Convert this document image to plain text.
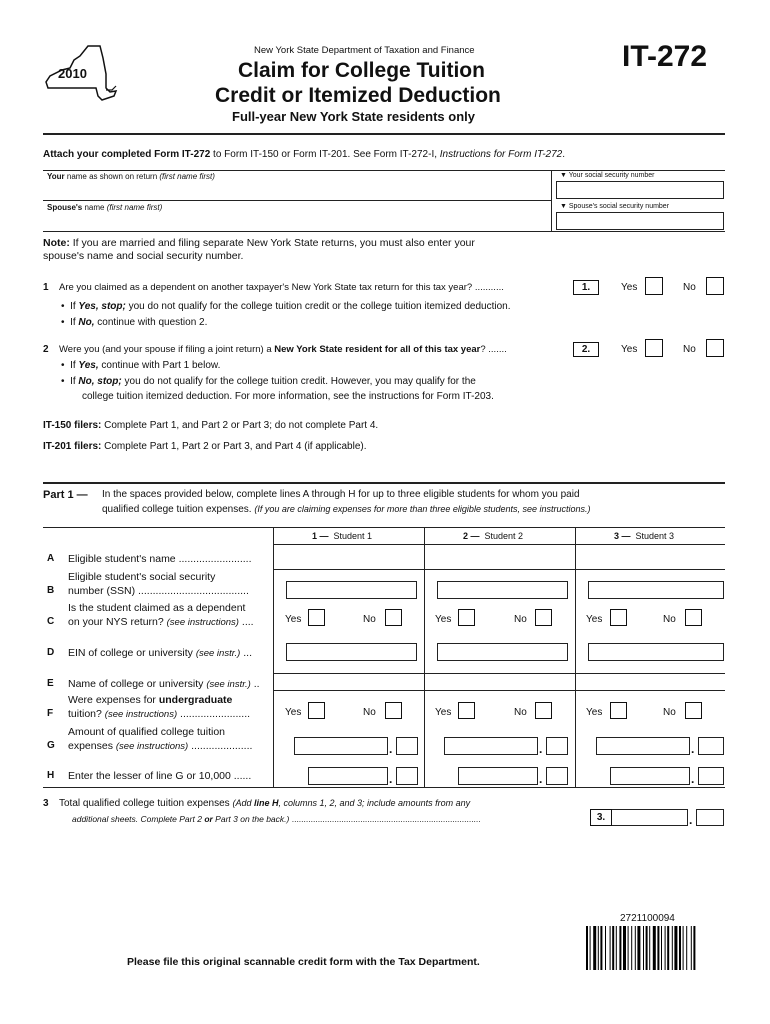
2010
New York State Department of Taxation and Finance
Claim for College Tuition
Credit or Itemized Deduction
Full-year New York State residents only
IT-272
Attach your completed Form IT-272 to Form IT-150 or Form IT-201. See Form IT-272-I, Instructions for Form IT-272.
Your name as shown on return (first name first)	▼ Your social security number
Spouse's name (first name first)	▼ Spouse's social security number
Note: If you are married and filing separate New York State returns, you must also enter your
spouse's name and social security number.
1 Are you claimed as a dependent on another taxpayer's New York State tax return for this tax year? ...........	1.	Yes	No
•  If Yes, stop; you do not qualify for the college tuition credit or the college tuition itemized deduction.
•  If No, continue with question 2.
2 Were you (and your spouse if filing a joint return) a New York State resident for all of this tax year? .......	2.	Yes	No
•  If Yes, continue with Part 1 below.
•  If No, stop; you do not qualify for the college tuition credit. However, you may qualify for the
college tuition itemized deduction. For more information, see the instructions for Form IT-203.
IT-150 filers: Complete Part 1, and Part 2 or Part 3; do not complete Part 4.
IT-201 filers: Complete Part 1, Part 2 or Part 3, and Part 4 (if applicable).
Part 1 — In the spaces provided below, complete lines A through H for up to three eligible students for whom you paid
qualified college tuition expenses. (If you are claiming expenses for more than three eligible students, see instructions.)
1 — Student 1	2 — Student 2	3 — Student 3
A Eligible student's name .........................
Eligible student's social security
B number (SSN) ......................................
Is the student claimed as a dependent
C on your NYS return? (see instructions) ....	Yes	No	Yes	No	Yes	No
D EIN of college or university (see instr.) ...
E Name of college or university (see instr.) ..
Were expenses for undergraduate
F tuition? (see instructions) ........................	Yes	No	Yes	No	Yes	No
Amount of qualified college tuition
G expenses (see instructions) .....................	.	.	.
H Enter the lesser of line G or 10,000 ......	.	.	.
3 Total qualified college tuition expenses (Add line H, columns 1, 2, and 3; include amounts from any
additional sheets. Complete Part 2 or Part 3 on the back.) ................................................................................	3.	.
2721100094
Please file this original scannable credit form with the Tax Department.
